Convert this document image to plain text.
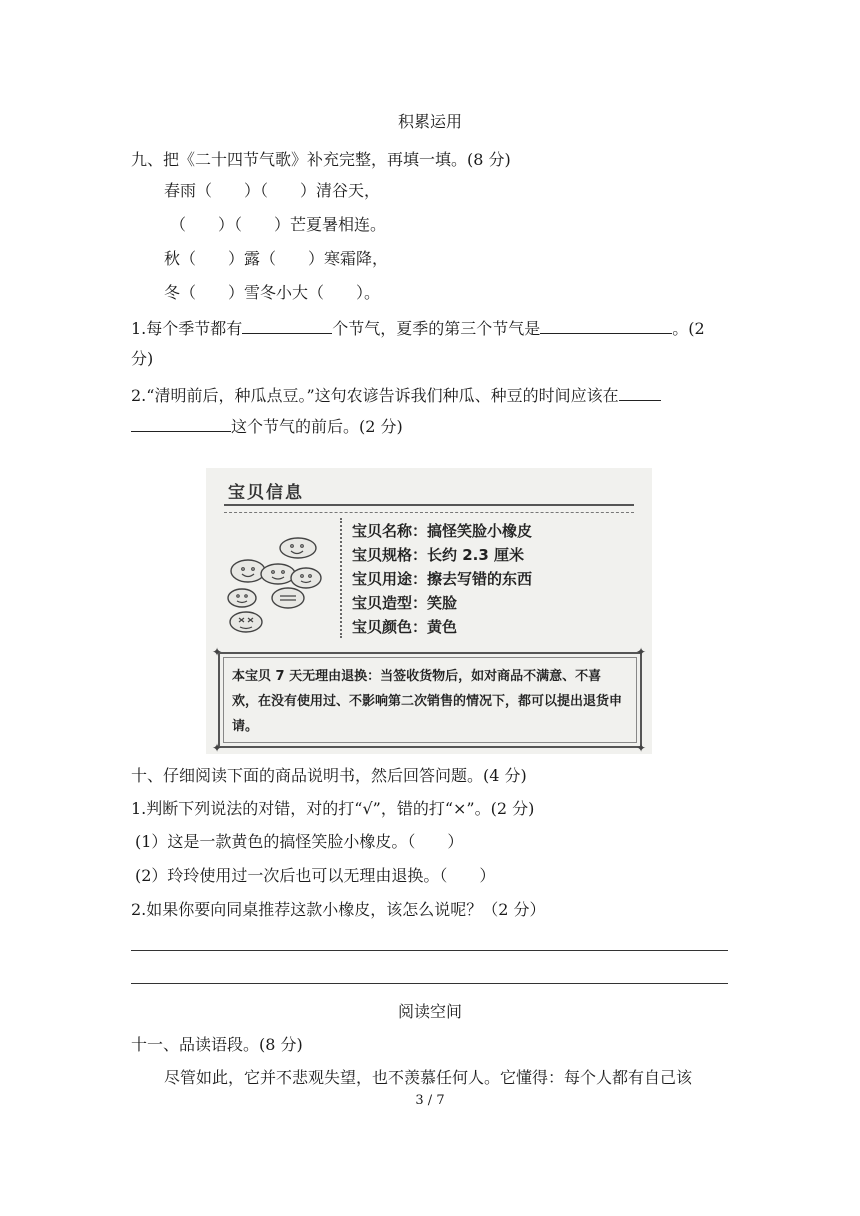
积累运用
九、把《二十四节气歌》补充完整，再填一填。(8 分)
春雨（　　）（　　）清谷天，
（　　）（　　）芒夏暑相连。
秋（　　）露（　　）寒霜降，
冬（　　）雪冬小大（　　）。
1.每个季节都有	个节气，夏季的第三个节气是	。(2
分)
2.“清明前后，种瓜点豆。”这句农谚告诉我们种瓜、种豆的时间应该在
这个节气的前后。(2 分)
宝贝信息
宝贝名称：搞怪笑脸小橡皮
宝贝规格：长约 2.3 厘米
宝贝用途：擦去写错的东西
宝贝造型：笑脸
宝贝颜色：黄色
✦	✦
✦	✦
本宝贝 7 天无理由退换：当签收货物后，如对商品不满意、不喜欢，在没有使用过、不影响第二次销售的情况下，都可以提出退货申请。
十、仔细阅读下面的商品说明书，然后回答问题。(4 分)
1.判断下列说法的对错，对的打“√”，错的打“×”。(2 分)
(1）这是一款黄色的搞怪笑脸小橡皮。（　　）
(2）玲玲使用过一次后也可以无理由退换。（　　）
2.如果你要向同桌推荐这款小橡皮，该怎么说呢？（2 分）
阅读空间
十一、品读语段。(8 分)
尽管如此，它并不悲观失望，也不羡慕任何人。它懂得：每个人都有自己该
3 / 7
